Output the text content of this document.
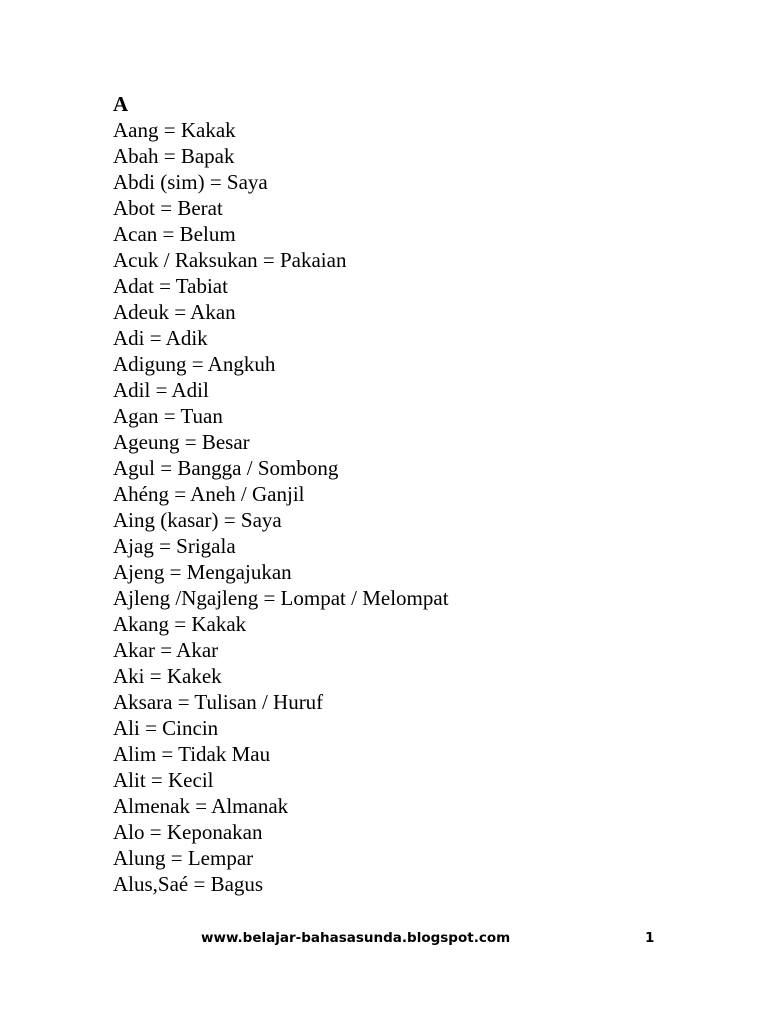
A
Aang = Kakak
Abah = Bapak
Abdi (sim) = Saya
Abot = Berat
Acan = Belum
Acuk / Raksukan = Pakaian
Adat = Tabiat
Adeuk = Akan
Adi = Adik
Adigung = Angkuh
Adil = Adil
Agan = Tuan
Ageung = Besar
Agul = Bangga / Sombong
Ahéng = Aneh / Ganjil
Aing (kasar) = Saya
Ajag = Srigala
Ajeng = Mengajukan
Ajleng /Ngajleng = Lompat / Melompat
Akang = Kakak
Akar = Akar
Aki = Kakek
Aksara = Tulisan / Huruf
Ali = Cincin
Alim = Tidak Mau
Alit = Kecil
Almenak = Almanak
Alo = Keponakan
Alung = Lempar
Alus,Saé = Bagus
www.belajar-bahasasunda.blogspot.com	1
